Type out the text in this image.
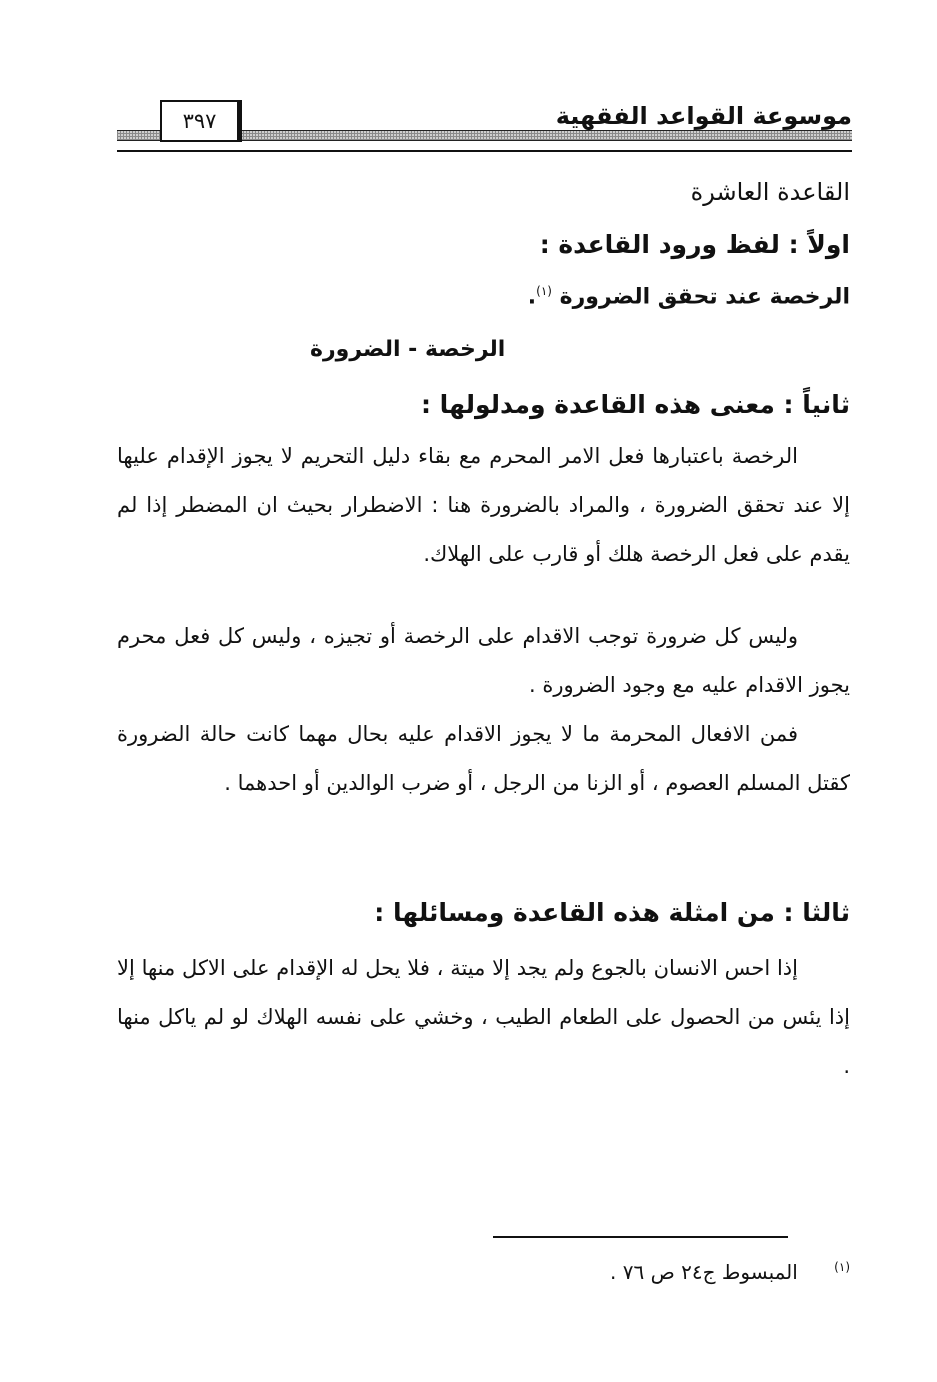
٣٩٧	موسوعة القواعد الفقهية
القاعدة العاشرة
اولاً : لفظ ورود القاعدة :
الرخصة عند تحقق الضرورة $^{(١)}$.
الرخصة - الضرورة
ثانياً : معنى هذه القاعدة ومدلولها :
الرخصة باعتبارها فعل الامر المحرم مع بقاء دليل التحريم لا يجوز الإقدام عليها إلا عند تحقق الضرورة ، والمراد بالضرورة هنا : الاضطرار بحيث ان المضطر إذا لم يقدم على فعل الرخصة هلك أو قارب على الهلاك.
وليس كل ضرورة توجب الاقدام على الرخصة أو تجيزه ، وليس كل فعل محرم يجوز الاقدام عليه مع وجود الضرورة .
فمن الافعال المحرمة ما لا يجوز الاقدام عليه بحال مهما كانت حالة الضرورة كقتل المسلم العصوم ، أو الزنا من الرجل ، أو ضرب الوالدين أو احدهما .
ثالثا : من امثلة هذه القاعدة ومسائلها :
إذا احس الانسان بالجوع ولم يجد إلا ميتة ، فلا يحل له الإقدام على الاكل منها إلا إذا يئس من الحصول على الطعام الطيب ، وخشي على نفسه الهلاك لو لم ياكل منها .
$^{(١)}$ المبسوط ج٢٤ ص ٧٦ .
